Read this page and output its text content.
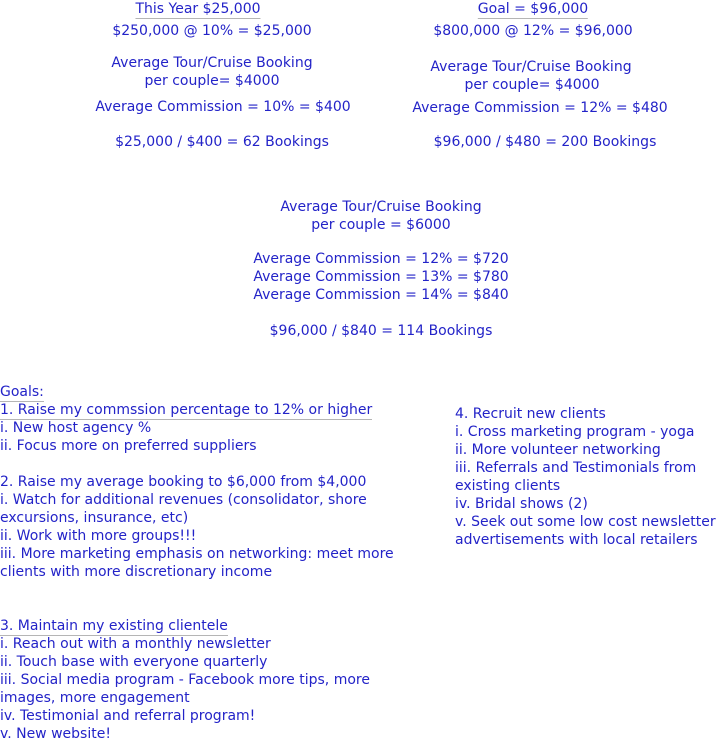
This Year $25,000
$250,000 @ 10% = $25,000
Average Tour/Cruise Booking
per couple= $4000
Average Commission = 10% = $400
$25,000 / $400 = 62 Bookings
Goal = $96,000
$800,000 @ 12% = $96,000
Average Tour/Cruise Booking
per couple= $4000
Average Commission = 12% = $480
$96,000 / $480 = 200 Bookings
Average Tour/Cruise Booking
per couple = $6000
Average Commission = 12% = $720
Average Commission = 13% = $780
Average Commission = 14% = $840
$96,000 / $840 = 114 Bookings
Goals:
1. Raise my commssion percentage to 12% or higher
i. New host agency %
ii. Focus more on preferred suppliers
2. Raise my average booking to $6,000 from $4,000
i. Watch for additional revenues (consolidator, shore
excursions, insurance, etc)
ii. Work with more groups!!!
iii. More marketing emphasis on networking: meet more
clients with more discretionary income
3. Maintain my existing clientele
i. Reach out with a monthly newsletter
ii. Touch base with everyone quarterly
iii. Social media program - Facebook more tips, more
images, more engagement
iv. Testimonial and referral program!
v. New website!
4. Recruit new clients
i. Cross marketing program - yoga
ii. More volunteer networking
iii. Referrals and Testimonials from
existing clients
iv. Bridal shows (2)
v. Seek out some low cost newsletter
advertisements with local retailers
